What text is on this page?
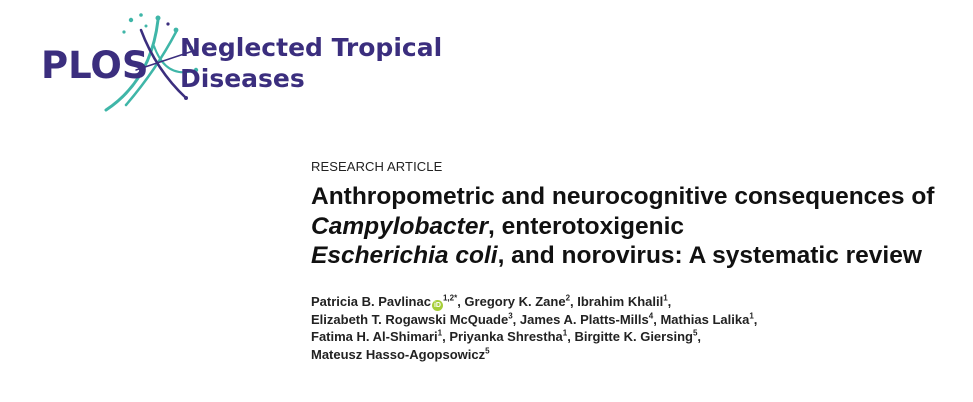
PLOS Neglected Tropical
Diseases
RESEARCH ARTICLE
Anthropometric and neurocognitive consequences of Campylobacter, enterotoxigenic
Escherichia coli, and norovirus: A systematic review
Patricia B. Pavlinac $iD^{1,2*}$, Gregory K. Zane$^2$, Ibrahim Khalil$^1$,
Elizabeth T. Rogawski McQuade$^3$, James A. Platts-Mills$^4$, Mathias Lalika$^1$,
Fatima H. Al-Shimari$^1$, Priyanka Shrestha$^1$, Birgitte K. Giersing$^5$,
Mateusz Hasso-Agopsowicz$^5$
